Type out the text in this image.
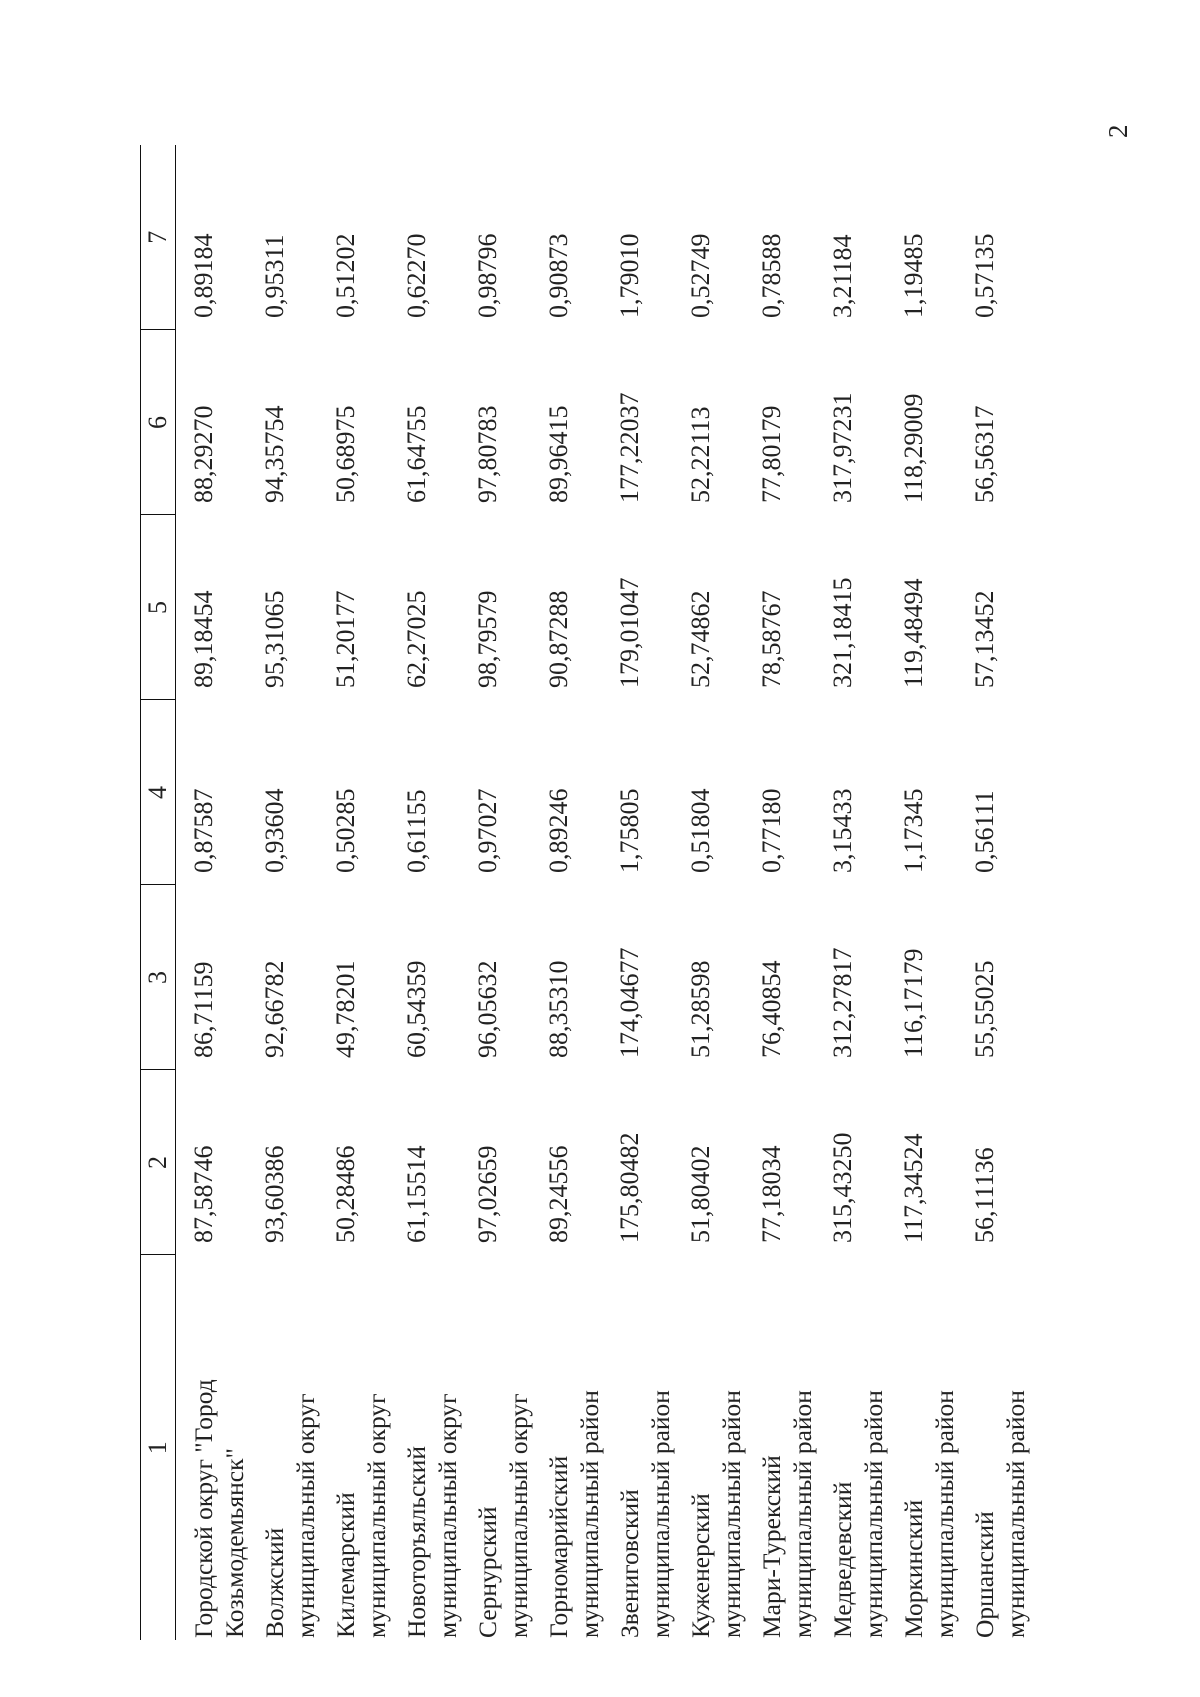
2
1	2	3	4	5	6	7

Городской округ "Город Козьмодемьянск"	87,58746	86,71159	0,87587	89,18454	88,29270	0,89184

Волжский муниципальный округ	93,60386	92,66782	0,93604	95,31065	94,35754	0,95311

Килемарский муниципальный округ	50,28486	49,78201	0,50285	51,20177	50,68975	0,51202

Новоторъяльский муниципальный округ	61,15514	60,54359	0,61155	62,27025	61,64755	0,62270

Сернурский муниципальный округ	97,02659	96,05632	0,97027	98,79579	97,80783	0,98796

Горномарийский муниципальный район	89,24556	88,35310	0,89246	90,87288	89,96415	0,90873

Звениговский муниципальный район	175,80482	174,04677	1,75805	179,01047	177,22037	1,79010

Куженерский муниципальный район	51,80402	51,28598	0,51804	52,74862	52,22113	0,52749

Мари-Турекский муниципальный район	77,18034	76,40854	0,77180	78,58767	77,80179	0,78588

Медведевский муниципальный район	315,43250	312,27817	3,15433	321,18415	317,97231	3,21184

Моркинский муниципальный район	117,34524	116,17179	1,17345	119,48494	118,29009	1,19485

Оршанский муниципальный район	56,11136	55,55025	0,56111	57,13452	56,56317	0,57135
